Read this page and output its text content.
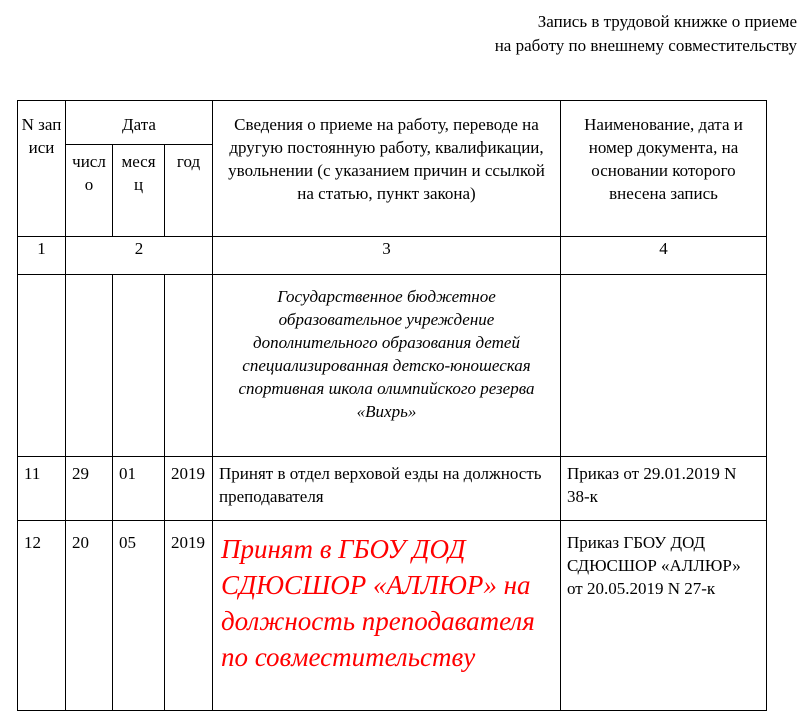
Запись в трудовой книжке о приеме
на работу по внешнему совместительству
N записи	Дата			Сведения о приеме на работу, переводе на другую постоянную работу, квалификации, увольнении (с указанием причин и ссылкой на статью, пункт закона)	Наименование, дата и номер документа, на основании которого внесена запись
	число	месяц	год		
1	2			3	4
				Государственное бюджетное образовательное учреждение дополнительного образования детей специализированная детско-юношеская спортивная школа олимпийского резерва «Вихрь»	
11	29	01	2019	Принят в отдел верховой езды на должность преподавателя	Приказ от 29.01.2019 N 38-к
12	20	05	2019	Принят в ГБОУ ДОД СДЮСШОР «АЛЛЮР» на должность преподавателя по совместительству	Приказ ГБОУ ДОД СДЮСШОР «АЛЛЮР» от 20.05.2019 N 27-к
